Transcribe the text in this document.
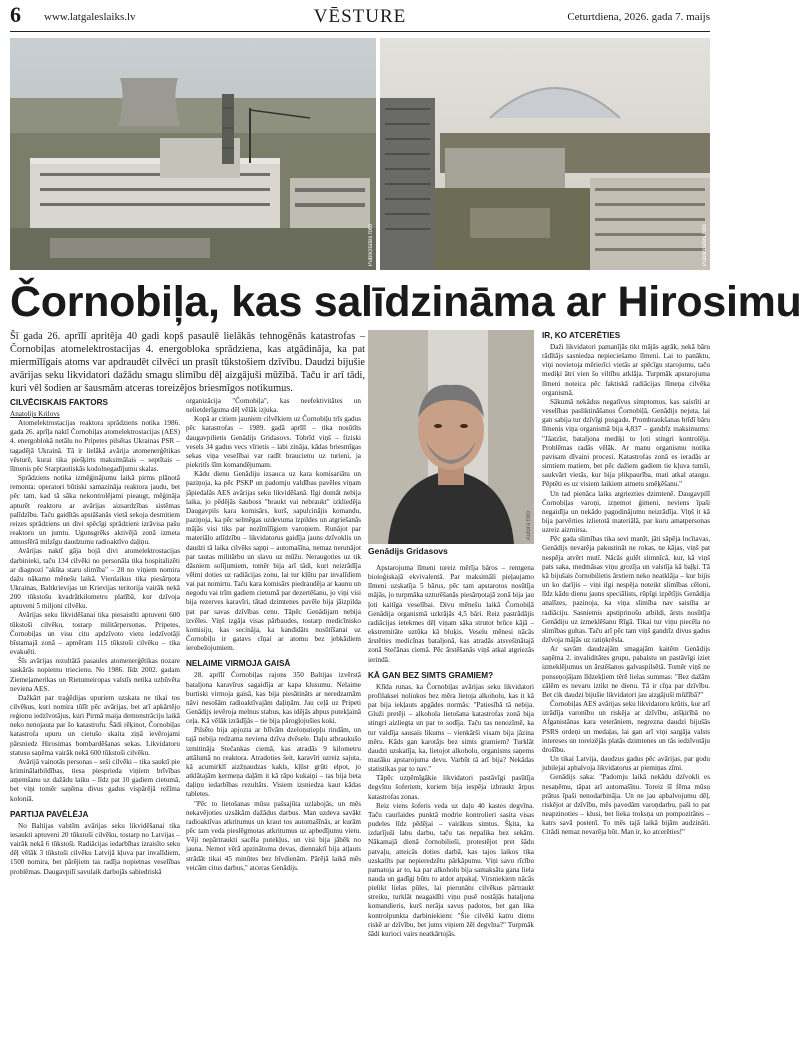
6 www.latgaleslaiks.lv	VĒSTURE	Ceturtdiena, 2026. gada 7. maijs
Publicitātes foto	Publicitātes foto
Čornobiļa, kas salīdzināma ar Hirosimu

Šī gada 26. aprīlī apritēja 40 gadi kopš pasaulē lielākās tehnogēnās katastrofas – Čornobiļas atomelektrostacijas 4. energobloka sprādziena, kas atgādināja, ka pat miermīlīgais atoms var apdraudēt cilvēci un prasīt tūkstošiem dzīvību. Daudzi bijušie avārijas seku likvidatori dažādu smagu slimību dēļ aizgājuši mūžībā. Taču ir arī tādi, kuri vēl šodien ar šausmām atceras toreizējos briesmīgos notikumus.

CILVĒCISKAIS FAKTORS

Anatolijs Krilovs

Atomelektrostacijas reaktora sprādziens notika 1986. gada 26. aprīļa naktī Čornobiļas atomelektrostacijas (AES) 4. energoblokā netālu no Pripetes pilsētas Ukrainas PSR – tagadējā Ukrainā. Tā ir lielākā avārija atomenerģētikas vēsturē, kurai tika piešķirts maksimālais – septītais – līmenis pēc Starptautiskās kodolnegadījumu skalas.

Sprādziens notika izmēģinājumu laikā pirms plānotā remonta: operatori būtiski samazināja reaktora jaudu, bet pēc tam, kad tā sāka nekontrolējami pieaugt, mēģināja apturēt reaktoru ar avārijas aizsardzības sistēmas palīdzību. Taču gaidītās apstāšanās vietā sekoja desmitiem reizes sprādziens un divi spēcīgi sprādzieni izrāvisa pašu reaktoru un jumtu. Ugunsgrēks aktivējā zonā izmeta atmosfērā milzīgu daudzumu radioaktīvo daļiņu.

Avārijas naktī gāja bojā divi atomelektrostacijas darbinieki, taču 134 cilvēki no personāla tika hospitalizēti ar diagnozi "akūta staru slimība" – 28 no viņiem nomira dažu nākamo mēnešu laikā. Vienlaikus tika piesārņota Ukrainas, Baltkrievijas un Krievijas teritorija vairāk nekā 200 tūkstošu kvadrātkilometru platībā, kur dzīvoja aptuveni 5 miljoni cilvēku.

Avārijas seku likvidēšanai tika piesaistīti aptuveni 600 tūkstoši cilvēku, tostarp militārpersonas. Pripetes, Čornobiļas un visu citu apdzīvoto vietu iedzīvotāji bīstamajā zonā – apmēram 115 tūkstoši cilvēku – tika evakuēti.

Šīs avārijas rezultātā pasaules atomenerģētikas nozare saskārās nopietnu triecienu. No 1986. līdz 2002. gadam Ziemeļamerikas un Rietumeiropas valstīs netika uzbūvēta neviena AES.

Dažkārt par traģēdijas upuriem uzskata ne tikai tos cilvēkus, kuri nomira tūlīt pēc avārijas, bet arī apkārtējo reģionu iedzīvotājus, kuri Pirmā maija demonstrāciju laikā neko nenojauta par šo katastrofu. Šādi rēķinot, Čornobiļas katastrofa upuru un cietušo skaita ziņā ievērojami pārsniedz Hirosimas bombardēšanas sekas. Likvidatoru statusu saņēma vairāk nekā 600 tūkstoši cilvēku.

Avārijā vainotās personas – seši cilvēki – tika sauktī pie kriminālatbildības, tiesa piesprieda viņiem brīvības atņemšanu uz dažādu laiku – līdz pat 10 gadiem cietumā, bet viņi tomēr saņēma divus gadus vispārējā režīma koloniā.

PARTIJA PAVĒLĒJA

No Baltijas valstīm avārijas seku likvidēšanai tika iesaukti aptuveni 20 tūkstoši cilvēku, tostarp no Latvijas – vairāk nekā 6 tūkstoši. Radiācijas iedarbības izraisīto seku dēļ vēlāk 3 tūkstoši cilvēku Latvijā kļuva par invalīdiem, 1500 nomira, bet pārējiem tas radīja nopietnas veselības problēmas. Daugavpilī savulaik darbojās sabiedriskā

organizācija "Čornobiļa", kas neefektivitātes un nelietderīguma dēļ vēlāk izjuka.

Kopā ar citiem jauniem cilvēkiem uz Čornobiļu trīs gadus pēc katastrofas – 1989. gadā aprīlī – tika nosūtīts daugavpilietis Genādijs Gridasovs. Tobrīd viņš – fiziski vesels 34 gadus vecs vīrietis – labi zināja, kādas briesmīgas sekas viņa veselībai var radīt braucienu uz turieni, ja piekritīs šīm komandējumam.

Kādu dienu Genādiju izsauca uz kara komisariātu un paziņoja, ka pēc PSKP un padomju valdības pavēles viņam jāpiedalās AES avārijas seku likvidēšanā. Ilgi domāt nebija laika, jo pēdējās šauboss "braukt vai nebraukt" izkliedēja Daugavpils kara komisārs, kurš, sapulcinājis komandu, paziņoja, ka pēc selmēgas uzdevuma izpildes un atgriešanās mājās visi tiks par nozīmīlīgiem varoņiem. Runājot par materiālo atlīdzību – likvidatorus gaidīja jauns dzīvoklis un daudzi tā laika cilvēks sapņi – automašīna, nemaz nerunājot par tautas militārbu un slavu uz mūžu. Neraugoties uz tik dāsniem solījumiem, tomēr bija arī tādi, kuri neizrādīja vēlmi doties uz radiācijas zonu, lai tur kļūtu par invalīdiem vai pat nomirtu. Taču kara komisārs piedraudēja ar kaunu un negodu vai trīm gadiem cietumā par dezertēšanu, jo viņi visi bija rezerves karavīri, tātad dzimtenes pavēle bija jāizpilda pat par savas dzīvības cenu. Tāpēc Genādijam nebija izvēles. Viņš izgāja visas pārbaudes, tostarp medicīnisko komisiju, kas secināja, ka kandidāts nosūtīšanai uz Čornobiļu ir gatavs cīņai ar atomu bez jebkādiem ierobežojumiem.

NELAIME VIRMOJA GAISĀ

28. aprīlī Čornobiļas rajons 350 Baltijas izvērstā bataljona karavīrus sagaidīja ar kapa klusumu. Nelaime burtiski virmoja gaisā, kas bija piesātināts ar neredzamām nāvi nesošām radioaktīvajām daļiņām. Jau ceļā uz Pripeti Genādijs ievēroja melnus stabus, kas idējās abpus putekļainā ceļa. Kā vēlāk izrādījās – tie bija pārogļojušies koki.

Pilsēto bija apjozta ar blīvām dzeloņstiepļu rindām, un tajā nebija redzama neviena dzīva dvēsele. Daļu atbraukušo izmitināja Stečankas ciemā, kas atradās 9 kilometru attālumā no reaktora. Atradoties šeit, karavīri uzreiz sajuta, kā acumirklī aizžņaudzas kakls, kļūst grūti elpot, jo atklātajām ķermeņa daļām it kā rāpo kukaiņi – tas bija beta daļiņu iedarbības rezultāts. Visiem izsniedza kaut kādas tabletes.

"Pēc to lietošanas mūsu pašsajūta uzlabojās, un mēs nekavējoties uzsākām dažādus darbus. Man uzdeva savākt radioaktīvas atkritumus un kraut tos automašīnās, ar kurām pēc tam veda pieslēgmotas atkritumus uz apbedījumu vietu. Vēji nepārtraukti sacēla putekļus, un visi bija jābēk no jauna. Nemot vērā apzinātoma devas, diennaktī bija atļauts strādāt tikai 45 minūtes bez bīvdienām. Pārējā laikā mēs veicām citus darbus," atceras Genādijs.

Autora foto
Genādijs Gridasovs

Apstarojuma līmeni toreiz mērīja bāros – rentgena bioloģiskajā ekvivalentā. Par maksimāli pieļaujamo līmeni uzskatīja 5 bārus, pēc tam apstarotos nosūtīja mājās, jo turpmāka uzturēšanās piesārņotajā zonā bija jau ļoti kaitīga veselībai. Divu mēnešu laikā Čornobiļā Genādija organismā uzkrājās 4,5 bāri. Reiz pastrādājis radiācijas ietekmes dēļ viņam sāka strutot brūce kājā – ekstremitāte uztūka kā bluķis. Veselu mēnesi nācās ārstēties medicīnas bataljonā, kas atradās atsvešinātajā zonā Stečānas ciemā. Pēc ārstēšanās viņš atkal atgriezās ierindā.

KĀ GAN BEZ SIMTS GRAMIEM?

Klīda runas, ka Čornobiļas avārijas seku likvidatori profilaksei noliukos bez mēra lietoja alkoholu, kas it kā pat bija iekļauts apgādes normās: "Patiesībā tā nebija. Gluži pretēji – alkohola lietošana katastrofas zonā bija stingri aizliegta un par to sodīja. Taču tas nenozīmē, ka tur valdīja sausais likums – vienkārši visam bija jāzina mēru. Kāds gan karotājs bez simts gramiem? Turklāt daudzi uzskatīja, ka, lietojot alkoholu, organisms saņems mazāku apstarojuma devu. Varbūt tā arī bija? Nekādas statistikas par to nav."

Tāpēc uzņēmīgākie likvidatori pastāvīgi pasūtīja degvīnu šoferiem, kuriem bija iespēja izbraukt ārpus katastrofas zonas.

Reiz viens šoferis veda uz daļu 40 kastes degvīna. Taču caurlaides punktā modrie kontrolieri sasita visas pudeles līdz pēdējai – vairākus simtus. Šķita, ka izdarījuši labu darbu, taču tas nepalika bez sekām. Nākamajā dienā čornobilieši, protestējot pret šādu patvaļu, atteicās doties darbā, kas tajos laikos tika uzskatīts par nepieredzētu pārkāpumu. Viņi savu rīcību pamatoja ar to, ka par alkoholu bija samaksāta gana liela nauda un gadīgi būtu to atdot atpakaļ. Virsniekiem nācās pielikt lielas pūles, lai pierunātu cilvēkus pārtraukt streiku, turklāt neagaidīti viņu pusē nostājās bataljona komandieris, kurš nerāja savus padotos, bet gan lika kontrolpunkta darbiniekiem: "Šie cilvēki katru dienu riskē ar dzīvību, bet jums viņiem žēl degvīna?" Turpmāk šādi kurioci vairs neatkārtojās.

IR, KO ATCERĒTIES

Daži likvidatori pamanījās tikt mājās agrāk, nekā bāru rādītājs sasniedza nepieciešamo līmeni. Lai to panāktu, viņi novietoja mērierīci vietās ar spēcīgu starojumu, taču mediķi ātri vien šo viltību atklāja. Turpmāk apstarojuma līmeni noteica pēc faktiskā radiācijas līmeņa cilvēka organismā.

Sākumā nekādus negatīvus simptomus, kas saistīti ar veselības pasliktināšanos Čornobiļā, Genādijs nejuta, lai gan sabija tur dzīvīgi pusgadu. Prombraukšanas brīdī bāru līmenis viņa organismā bija 4,837 – gandrīz maksimums: "Jāatzīst, bataljona mediķi to ļoti stingri kontrolēja. Problēmas radās vēlāk. Ar manu organismu notika pavisam dīvaini procesi. Katastrofas zonā es ieradās ar simtiem matiem, bet pēc dažiem gadiem tie kļuva tumši, saukvārt vietās, kur bija plikpaurība, mati atkal ataugu. Pēptēti es uz visiem laikiem atmetu smēķēšanu."

Un tad pienāca laiks atgriezties dzimtenē. Daugavpilī Čornobiļas varoņi, izņemot ģimeni, neviens īpaši negaidīja un nekādo pagodinājumu neizrādīja. Viņš it kā bija parvērties izlietotā materiālā, par kuru amatpersonas uzreiz aizmirsa.

Pēc gada slimības tika sevi manīt, jāti sāpēja locītavas, Genādijs nevarēja pakustināt ne rokas, ne kājas, viņš pat nespēja atvērt mutī. Nācās gulēt slimnīcā, kur, kā viņš pats saka, medmāsas viņu grozīja un valstīja kā baļķi. Tā kā bijušais čornobilietis ārstiem neko neatklāja – kur bijis un ko darījis – viņi ilgi nespēja noteikt slimības cēloni, līdz kādu dienu jauns speciālists, rūpīgi izpētījis Genādija analīzes, pazinoja, ka viņa slimība nav saistīta ar radiāciju. Sasniemis apstiprinošu atbildi, ārsts nosūtīja Genādiju uz izmeklēšanu Rīgā. Tikai tur viņu piecēla no slimības gultas. Taču arī pēc tam viņš gandrīz divus gadus dzīvoja mājās uz ratiņkrēsla.

Ar savām daudzajām smagajām kaitēm Genādijs saņēma 2. invaliditātes grupu, pabalstu un pastāvīgi iziet izmeklējumus un ārstēšanos galvaspilsētā. Tomēr viņš ne ponseņojājam līdzekļiem tērē lielas summas: "Bez dažām zālēm es nevaru iztikt ne dienu. Tā ir cīņa par dzīvību. Bet cik daudzi bijušie likvidatori jau aizgājuši mūžībā?"

Čornobiļas AES avārijas seku likvidatoru krūtis, kur arī izrādīja varonību un riskēja ar dzīvību, atšķirībā no Afganistānas kara veterāniem, negrezna daudzi bijušās PSRS ordeņi un medaļas, lai gan arī viņi sargāja valsts intereses un toreizējās platās dzimtenes un tās iedzīvotāju drošību.

Un tikai Latvija, daudzus gadus pēc avārijas, par godu jubilejai apbalvoja likvidatorus ar piemiņas zīmi.

Genādijs saka: "Padomju laikā nekādu dzīvokli es nesaņēmu, tāpat arī automašīnu. Toreiz šī fēma mūsu prātus īpaši nenodarbināja. Un ne jau apbalvojumu dēļ, riskējot ar dzīvību, mēs pavedām varoņdarbu, paši to pat neapzinoties – klusi, bet lieka troksņa un pompozitātes – katrs savā postenī. To mēs tajā laikā bijām audzināti. Citādi nemaz nevarēja būt. Man ir, ko atcerēties!"
